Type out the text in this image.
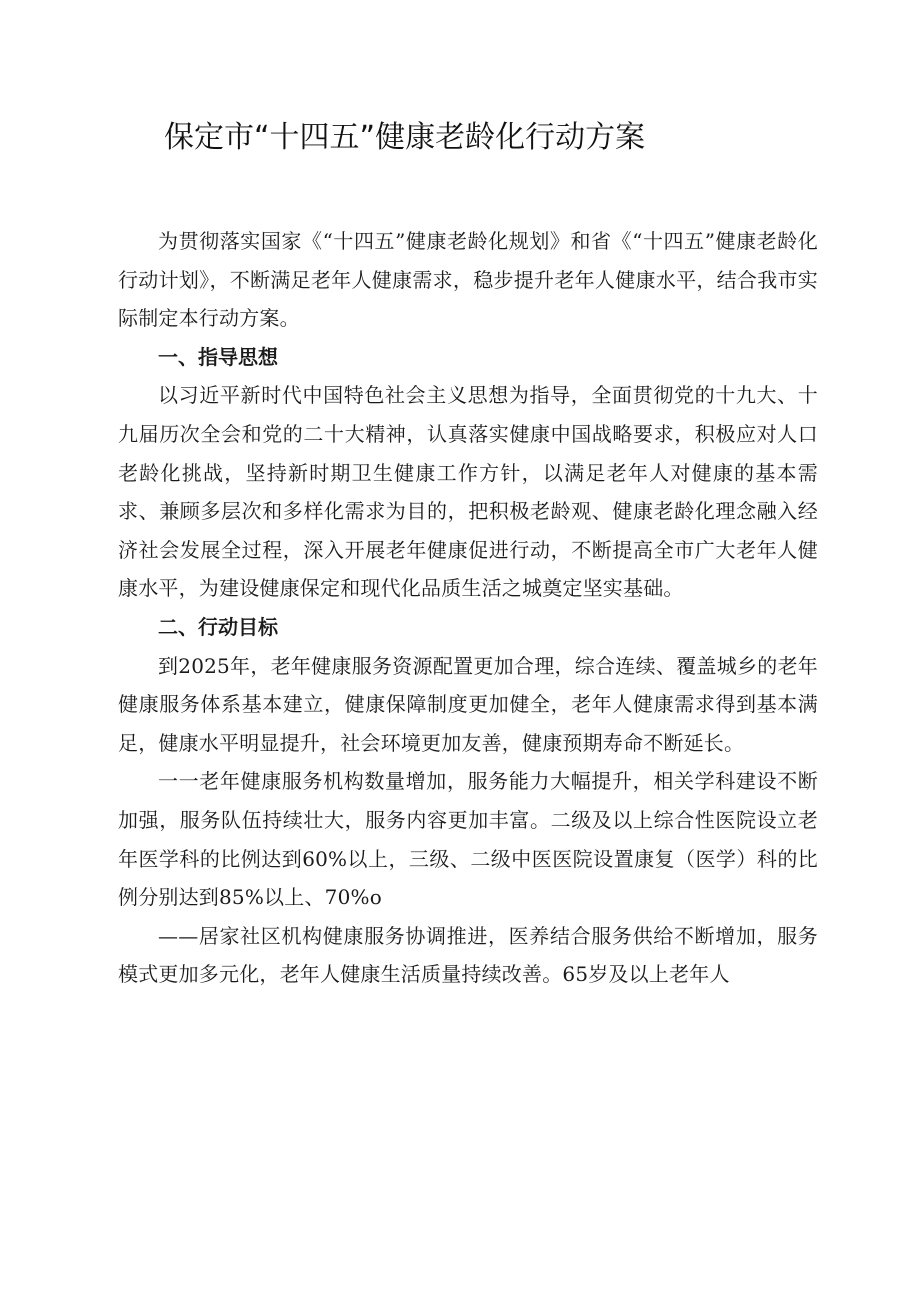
保定市“十四五”健康老龄化行动方案

为贯彻落实国家《“十四五”健康老龄化规划》和省《“十四五”健康老龄化行动计划》，不断满足老年人健康需求，稳步提升老年人健康水平，结合我市实际制定本行动方案。

一、指导思想

以习近平新时代中国特色社会主义思想为指导，全面贯彻党的十九大、十九届历次全会和党的二十大精神，认真落实健康中国战略要求，积极应对人口老龄化挑战，坚持新时期卫生健康工作方针，以满足老年人对健康的基本需求、兼顾多层次和多样化需求为目的，把积极老龄观、健康老龄化理念融入经济社会发展全过程，深入开展老年健康促进行动，不断提高全市广大老年人健康水平，为建设健康保定和现代化品质生活之城奠定坚实基础。

二、行动目标

到2025年，老年健康服务资源配置更加合理，综合连续、覆盖城乡的老年健康服务体系基本建立，健康保障制度更加健全，老年人健康需求得到基本满足，健康水平明显提升，社会环境更加友善，健康预期寿命不断延长。

一一老年健康服务机构数量增加，服务能力大幅提升，相关学科建设不断加强，服务队伍持续壮大，服务内容更加丰富。二级及以上综合性医院设立老年医学科的比例达到60%以上，三级、二级中医医院设置康复（医学）科的比例分别达到85%以上、70%o

——居家社区机构健康服务协调推进，医养结合服务供给不断增加，服务模式更加多元化，老年人健康生活质量持续改善。65岁及以上老年人
